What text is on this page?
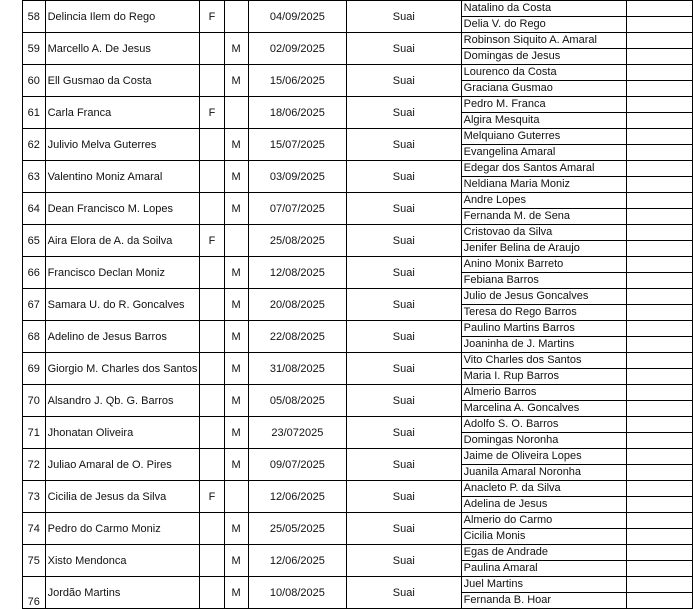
58	Delincia Ilem do Rego	F		04/09/2025	Suai	Natalino da Costa
Delia V. do Rego	

59	Marcello A. De Jesus		M	02/09/2025	Suai	Robinson Siquito A. Amaral
Domingas de Jesus	

60	Ell Gusmao da Costa		M	15/06/2025	Suai	Lourenco da Costa
Graciana Gusmao	

61	Carla Franca	F		18/06/2025	Suai	Pedro M. Franca
Algira Mesquita	

62	Julivio Melva Guterres		M	15/07/2025	Suai	Melquiano Guterres
Evangelina Amaral	

63	Valentino Moniz Amaral		M	03/09/2025	Suai	Edegar dos Santos Amaral
Neldiana Maria Moniz	

64	Dean Francisco M. Lopes		M	07/07/2025	Suai	Andre Lopes
Fernanda M. de Sena	

65	Aira Elora de A. da Soilva	F		25/08/2025	Suai	Cristovao da Silva
Jenifer Belina de Araujo	

66	Francisco Declan Moniz		M	12/08/2025	Suai	Anino Monix Barreto
Febiana Barros	

67	Samara U. do R. Goncalves		M	20/08/2025	Suai	Julio de Jesus Goncalves
Teresa do Rego Barros	

68	Adelino de Jesus Barros		M	22/08/2025	Suai	Paulino Martins Barros
Joaninha de J. Martins	

69	Giorgio M. Charles dos Santos		M	31/08/2025	Suai	Vito Charles dos Santos
Maria I. Rup Barros	

70	Alsandro J. Qb. G. Barros		M	05/08/2025	Suai	Almerio Barros
Marcelina A. Goncalves	

71	Jhonatan Oliveira		M	23/072025	Suai	Adolfo S. O. Barros
Domingas Noronha	

72	Juliao Amaral de O. Pires		M	09/07/2025	Suai	Jaime de Oliveira Lopes
Juanila Amaral Noronha	

73	Cicilia de Jesus da Silva	F		12/06/2025	Suai	Anacleto P. da Silva
Adelina de Jesus	

74	Pedro do Carmo Moniz		M	25/05/2025	Suai	Almerio do Carmo
Cicilia Monis	

75	Xisto Mendonca		M	12/06/2025	Suai	Egas de Andrade
Paulina Amaral	

76	Jordão Martins		M	10/08/2025	Suai	Juel Martins
Fernanda B. Hoar	
